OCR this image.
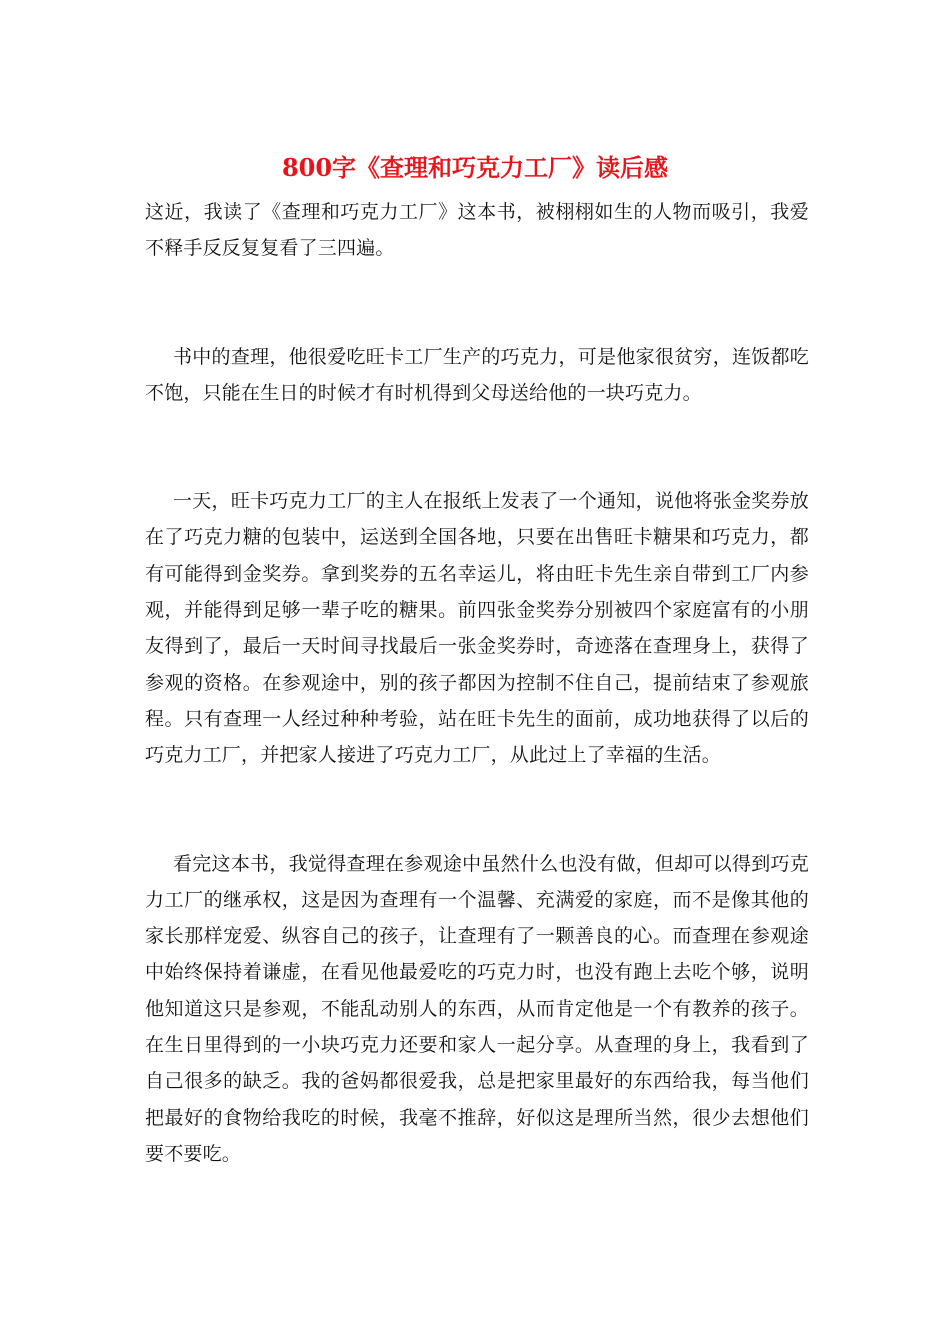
800字《查理和巧克力工厂》读后感

这近，我读了《查理和巧克力工厂》这本书，被栩栩如生的人物而吸引，我爱不释手反反复复看了三四遍。

书中的查理，他很爱吃旺卡工厂生产的巧克力，可是他家很贫穷，连饭都吃不饱，只能在生日的时候才有时机得到父母送给他的一块巧克力。

一天，旺卡巧克力工厂的主人在报纸上发表了一个通知，说他将张金奖券放在了巧克力糖的包装中，运送到全国各地，只要在出售旺卡糖果和巧克力，都有可能得到金奖券。拿到奖券的五名幸运儿，将由旺卡先生亲自带到工厂内参观，并能得到足够一辈子吃的糖果。前四张金奖券分别被四个家庭富有的小朋友得到了，最后一天时间寻找最后一张金奖券时，奇迹落在查理身上，获得了参观的资格。在参观途中，别的孩子都因为控制不住自己，提前结束了参观旅程。只有查理一人经过种种考验，站在旺卡先生的面前，成功地获得了以后的巧克力工厂，并把家人接进了巧克力工厂，从此过上了幸福的生活。

看完这本书，我觉得查理在参观途中虽然什么也没有做，但却可以得到巧克力工厂的继承权，这是因为查理有一个温馨、充满爱的家庭，而不是像其他的家长那样宠爱、纵容自己的孩子，让查理有了一颗善良的心。而查理在参观途中始终保持着谦虚，在看见他最爱吃的巧克力时，也没有跑上去吃个够，说明他知道这只是参观，不能乱动别人的东西，从而肯定他是一个有教养的孩子。在生日里得到的一小块巧克力还要和家人一起分享。从查理的身上，我看到了自己很多的缺乏。我的爸妈都很爱我，总是把家里最好的东西给我，每当他们把最好的食物给我吃的时候，我毫不推辞，好似这是理所当然，很少去想他们要不要吃。
